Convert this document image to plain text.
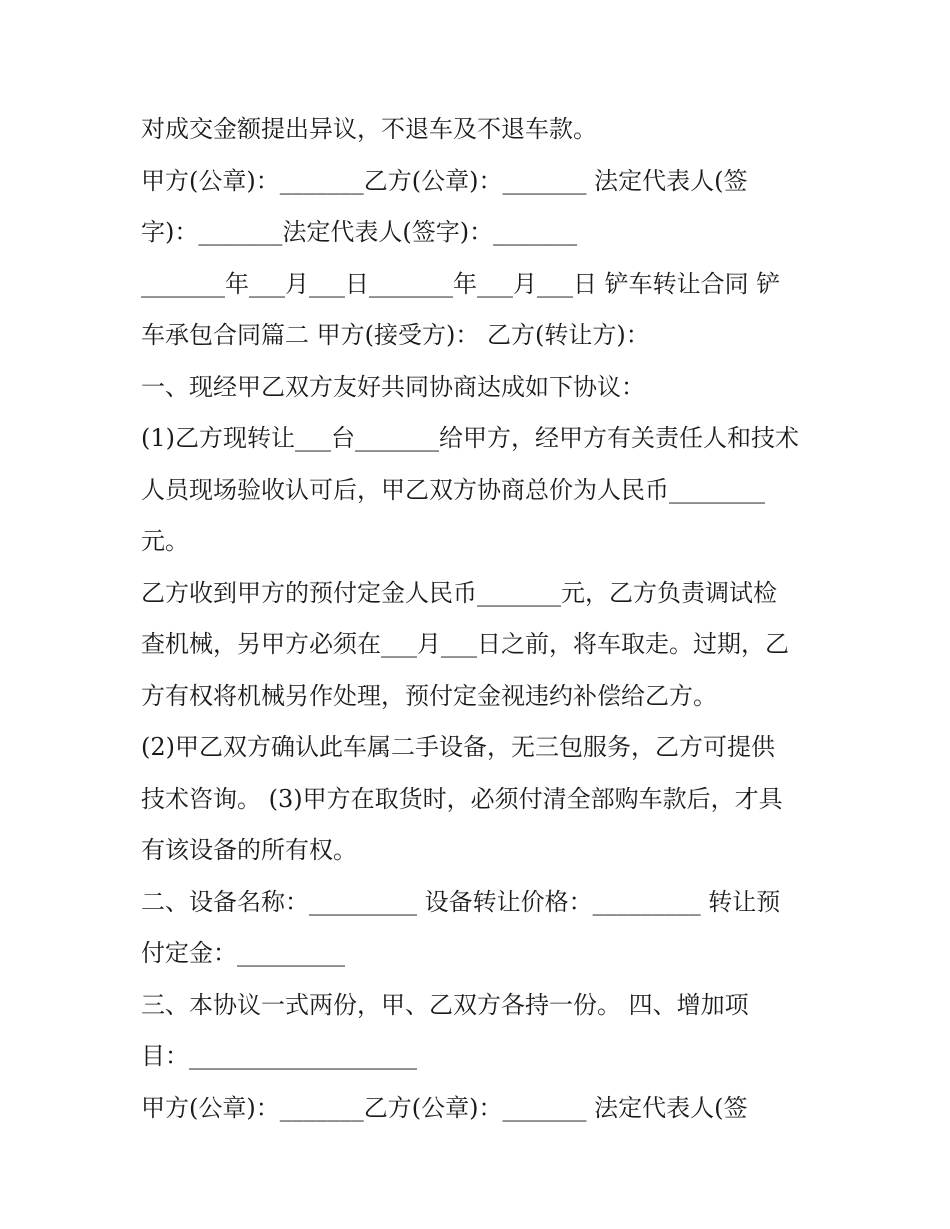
对成交金额提出异议，不退车及不退车款。
甲方(公章)：_______乙方(公章)：_______ 法定代表人(签
字)：_______法定代表人(签字)：_______
_______年___月___日_______年___月___日 铲车转让合同 铲
车承包合同篇二 甲方(接受方)： 乙方(转让方)：
一、现经甲乙双方友好共同协商达成如下协议：
(1)乙方现转让___台_______给甲方，经甲方有关责任人和技术
人员现场验收认可后，甲乙双方协商总价为人民币________
元。
乙方收到甲方的预付定金人民币_______元，乙方负责调试检
查机械，另甲方必须在___月___日之前，将车取走。过期，乙
方有权将机械另作处理，预付定金视违约补偿给乙方。
(2)甲乙双方确认此车属二手设备，无三包服务，乙方可提供
技术咨询。 (3)甲方在取货时，必须付清全部购车款后，才具
有该设备的所有权。
二、设备名称：_________ 设备转让价格：_________ 转让预
付定金：_________
三、本协议一式两份，甲、乙双方各持一份。 四、增加项
目：___________________
甲方(公章)：_______乙方(公章)：_______ 法定代表人(签
